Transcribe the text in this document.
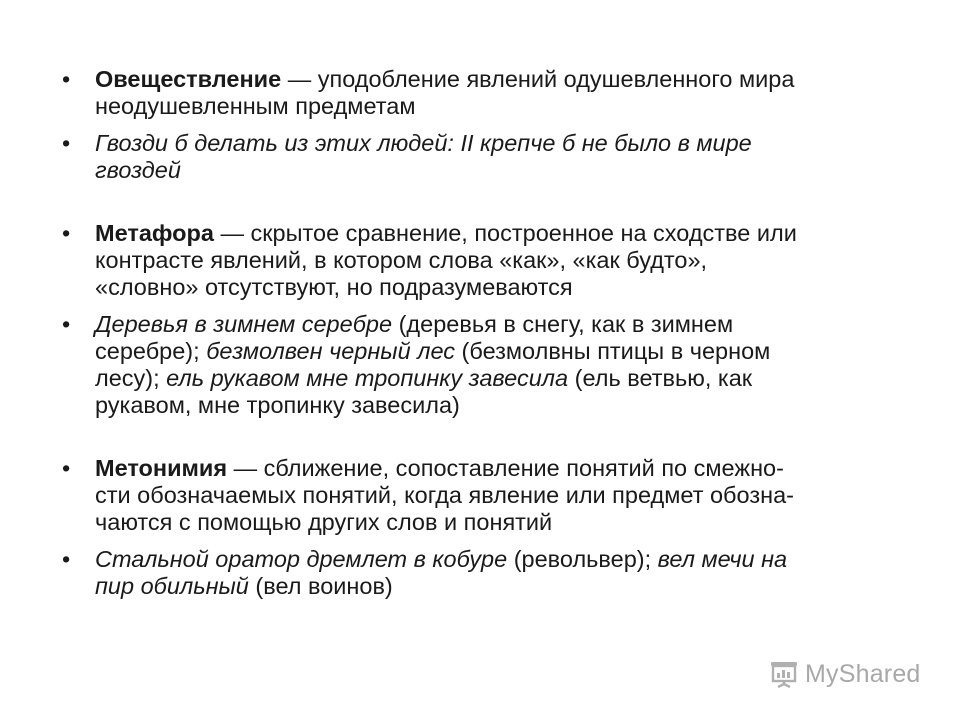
• Овеществление — уподобление явлений одушевленного мира
неодушевленным предметам
• Гвозди б делать из этих людей: II крепче б не было в мире
гвоздей
• Метафора — скрытое сравнение, построенное на сходстве или
контрасте явлений, в котором слова «как», «как будто»,
«словно» отсутствуют, но подразумеваются
• Деревья в зимнем серебре (деревья в снегу, как в зимнем
серебре); безмолвен черный лес (безмолвны птицы в черном
лесу); ель рукавом мне тропинку завесила (ель ветвью, как
рукавом, мне тропинку завесила)
• Метонимия — сближение, сопоставление понятий по смежно-
сти обозначаемых понятий, когда явление или предмет обозна-
чаются с помощью других слов и понятий
• Стальной оратор дремлет в кобуре (револьвер); вел мечи на
пир обильный (вел воинов)
MyShared
